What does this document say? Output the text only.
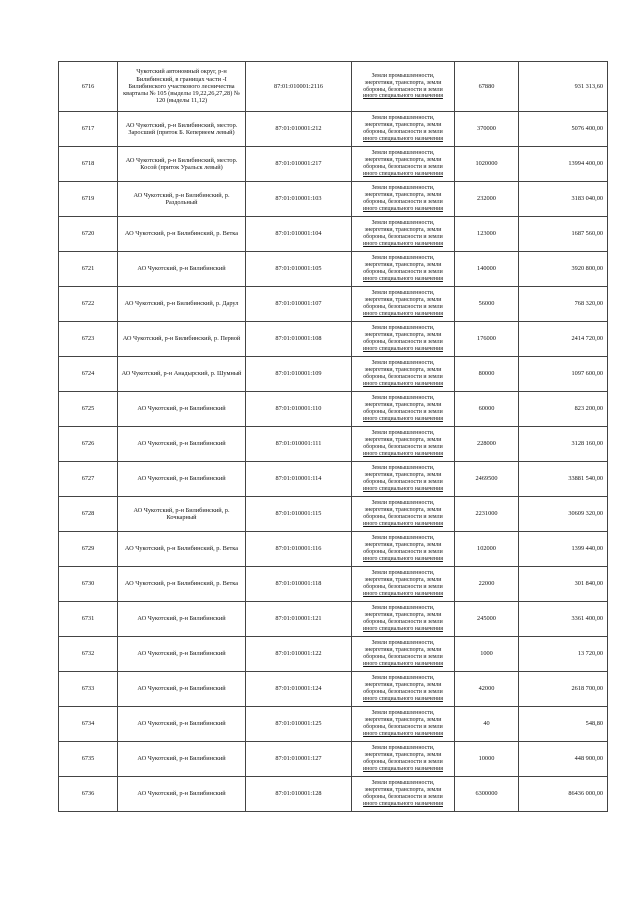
6716	Чукотский автономный округ, р-н Билибинский, в границах части -I Билибинского участкового лесничества кварталы № 105 (выделы 19,22,26,27,28) № 120 (выделы 11,12)	87:01:010001:2116	Земли промышленности,
энергетики, транспорта, земли
обороны, безопасности и земли
иного специального назначения	67880	931 313,60
6717	АО Чукотский, р-н Билибинский, местор. Заросший (приток Б. Кепервеем левый)	87:01:010001:212	Земли промышленности,
энергетики, транспорта, земли
обороны, безопасности и земли
иного специального назначения	370000	5076 400,00
6718	АО Чукотский, р-н Билибинский, местор. Косой (приток Уральск левый)	87:01:010001:217	Земли промышленности,
энергетики, транспорта, земли
обороны, безопасности и земли
иного специального назначения	1020000	13994 400,00
6719	АО Чукотский, р-н Билибинский, р. Раздольный	87:01:010001:103	Земли промышленности,
энергетики, транспорта, земли
обороны, безопасности и земли
иного специального назначения	232000	3183 040,00
6720	АО Чукотский, р-н Билибинский, р. Ветка	87:01:010001:104	Земли промышленности,
энергетики, транспорта, земли
обороны, безопасности и земли
иного специального назначения	123000	1687 560,00
6721	АО Чукотский, р-н Билибинский	87:01:010001:105	Земли промышленности,
энергетики, транспорта, земли
обороны, безопасности и земли
иного специального назначения	140000	3920 800,00
6722	АО Чукотский, р-н Билибинский, р. Дарул	87:01:010001:107	Земли промышленности,
энергетики, транспорта, земли
обороны, безопасности и земли
иного специального назначения	56000	768 320,00
6723	АО Чукотский, р-н Билибинский, р. Первой	87:01:010001:108	Земли промышленности,
энергетики, транспорта, земли
обороны, безопасности и земли
иного специального назначения	176000	2414 720,00
6724	АО Чукотский, р-н Анадырский, р. Шумный	87:01:010001:109	Земли промышленности,
энергетики, транспорта, земли
обороны, безопасности и земли
иного специального назначения	80000	1097 600,00
6725	АО Чукотский, р-н Билибинский	87:01:010001:110	Земли промышленности,
энергетики, транспорта, земли
обороны, безопасности и земли
иного специального назначения	60000	823 200,00
6726	АО Чукотский, р-н Билибинский	87:01:010001:111	Земли промышленности,
энергетики, транспорта, земли
обороны, безопасности и земли
иного специального назначения	228000	3128 160,00
6727	АО Чукотский, р-н Билибинский	87:01:010001:114	Земли промышленности,
энергетики, транспорта, земли
обороны, безопасности и земли
иного специального назначения	2469500	33881 540,00
6728	АО Чукотский, р-н Билибинский, р. Кочкарный	87:01:010001:115	Земли промышленности,
энергетики, транспорта, земли
обороны, безопасности и земли
иного специального назначения	2231000	30609 320,00
6729	АО Чукотский, р-н Билибинский, р. Ветка	87:01:010001:116	Земли промышленности,
энергетики, транспорта, земли
обороны, безопасности и земли
иного специального назначения	102000	1399 440,00
6730	АО Чукотский, р-н Билибинский, р. Ветка	87:01:010001:118	Земли промышленности,
энергетики, транспорта, земли
обороны, безопасности и земли
иного специального назначения	22000	301 840,00
6731	АО Чукотский, р-н Билибинский	87:01:010001:121	Земли промышленности,
энергетики, транспорта, земли
обороны, безопасности и земли
иного специального назначения	245000	3361 400,00
6732	АО Чукотский, р-н Билибинский	87:01:010001:122	Земли промышленности,
энергетики, транспорта, земли
обороны, безопасности и земли
иного специального назначения	1000	13 720,00
6733	АО Чукотский, р-н Билибинский	87:01:010001:124	Земли промышленности,
энергетики, транспорта, земли
обороны, безопасности и земли
иного специального назначения	42000	2618 700,00
6734	АО Чукотский, р-н Билибинский	87:01:010001:125	Земли промышленности,
энергетики, транспорта, земли
обороны, безопасности и земли
иного специального назначения	40	548,80
6735	АО Чукотский, р-н Билибинский	87:01:010001:127	Земли промышленности,
энергетики, транспорта, земли
обороны, безопасности и земли
иного специального назначения	10000	448 900,00
6736	АО Чукотский, р-н Билибинский	87:01:010001:128	Земли промышленности,
энергетики, транспорта, земли
обороны, безопасности и земли
иного специального назначения	6300000	86436 000,00
